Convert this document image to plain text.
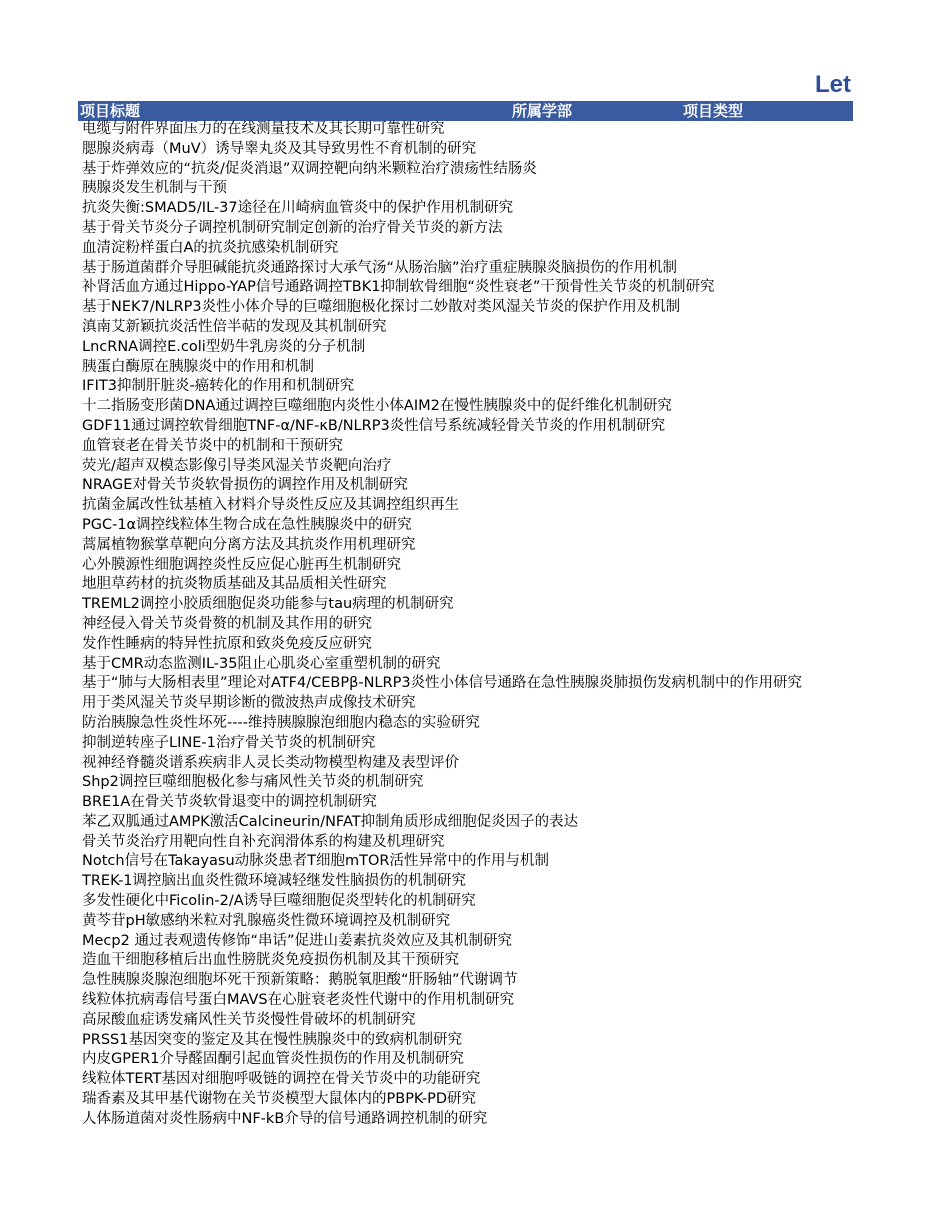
Let
项目标题	所属学部	项目类型
电缆与附件界面压力的在线测量技术及其长期可靠性研究
腮腺炎病毒（MuV）诱导睾丸炎及其导致男性不育机制的研究
基于炸弹效应的“抗炎/促炎消退”双调控靶向纳米颗粒治疗溃疡性结肠炎
胰腺炎发生机制与干预
抗炎失衡:SMAD5/IL-37途径在川崎病血管炎中的保护作用机制研究
基于骨关节炎分子调控机制研究制定创新的治疗骨关节炎的新方法
血清淀粉样蛋白A的抗炎抗感染机制研究
基于肠道菌群介导胆碱能抗炎通路探讨大承气汤“从肠治脑”治疗重症胰腺炎脑损伤的作用机制
补肾活血方通过Hippo-YAP信号通路调控TBK1抑制软骨细胞“炎性衰老”干预骨性关节炎的机制研究
基于NEK7/NLRP3炎性小体介导的巨噬细胞极化探讨二妙散对类风湿关节炎的保护作用及机制
滇南艾新颖抗炎活性倍半萜的发现及其机制研究
LncRNA调控E.coli型奶牛乳房炎的分子机制
胰蛋白酶原在胰腺炎中的作用和机制
IFIT3抑制肝脏炎-癌转化的作用和机制研究
十二指肠变形菌DNA通过调控巨噬细胞内炎性小体AIM2在慢性胰腺炎中的促纤维化机制研究
GDF11通过调控软骨细胞TNF-α/NF-κB/NLRP3炎性信号系统减轻骨关节炎的作用机制研究
血管衰老在骨关节炎中的机制和干预研究
荧光/超声双模态影像引导类风湿关节炎靶向治疗
NRAGE对骨关节炎软骨损伤的调控作用及机制研究
抗菌金属改性钛基植入材料介导炎性反应及其调控组织再生
PGC-1α调控线粒体生物合成在急性胰腺炎中的研究
蒿属植物猴掌草靶向分离方法及其抗炎作用机理研究
心外膜源性细胞调控炎性反应促心脏再生机制研究
地胆草药材的抗炎物质基础及其品质相关性研究
TREML2调控小胶质细胞促炎功能参与tau病理的机制研究
神经侵入骨关节炎骨赘的机制及其作用的研究
发作性睡病的特异性抗原和致炎免疫反应研究
基于CMR动态监测IL-35阻止心肌炎心室重塑机制的研究
基于“肺与大肠相表里”理论对ATF4/CEBPβ-NLRP3炎性小体信号通路在急性胰腺炎肺损伤发病机制中的作用研究
用于类风湿关节炎早期诊断的微波热声成像技术研究
防治胰腺急性炎性坏死----维持胰腺腺泡细胞内稳态的实验研究
抑制逆转座子LINE-1治疗骨关节炎的机制研究
视神经脊髓炎谱系疾病非人灵长类动物模型构建及表型评价
Shp2调控巨噬细胞极化参与痛风性关节炎的机制研究
BRE1A在骨关节炎软骨退变中的调控机制研究
苯乙双胍通过AMPK激活Calcineurin/NFAT抑制角质形成细胞促炎因子的表达
骨关节炎治疗用靶向性自补充润滑体系的构建及机理研究
Notch信号在Takayasu动脉炎患者T细胞mTOR活性异常中的作用与机制
TREK-1调控脑出血炎性微环境减轻继发性脑损伤的机制研究
多发性硬化中Ficolin-2/A诱导巨噬细胞促炎型转化的机制研究
黄芩苷pH敏感纳米粒对乳腺癌炎性微环境调控及机制研究
Mecp2 通过表观遗传修饰“串话”促进山姜素抗炎效应及其机制研究
造血干细胞移植后出血性膀胱炎免疫损伤机制及其干预研究
急性胰腺炎腺泡细胞坏死干预新策略：鹅脱氧胆酸“肝肠轴”代谢调节
线粒体抗病毒信号蛋白MAVS在心脏衰老炎性代谢中的作用机制研究
高尿酸血症诱发痛风性关节炎慢性骨破坏的机制研究
PRSS1基因突变的鉴定及其在慢性胰腺炎中的致病机制研究
内皮GPER1介导醛固酮引起血管炎性损伤的作用及机制研究
线粒体TERT基因对细胞呼吸链的调控在骨关节炎中的功能研究
瑞香素及其甲基代谢物在关节炎模型大鼠体内的PBPK-PD研究
人体肠道菌对炎性肠病中NF-kB介导的信号通路调控机制的研究
